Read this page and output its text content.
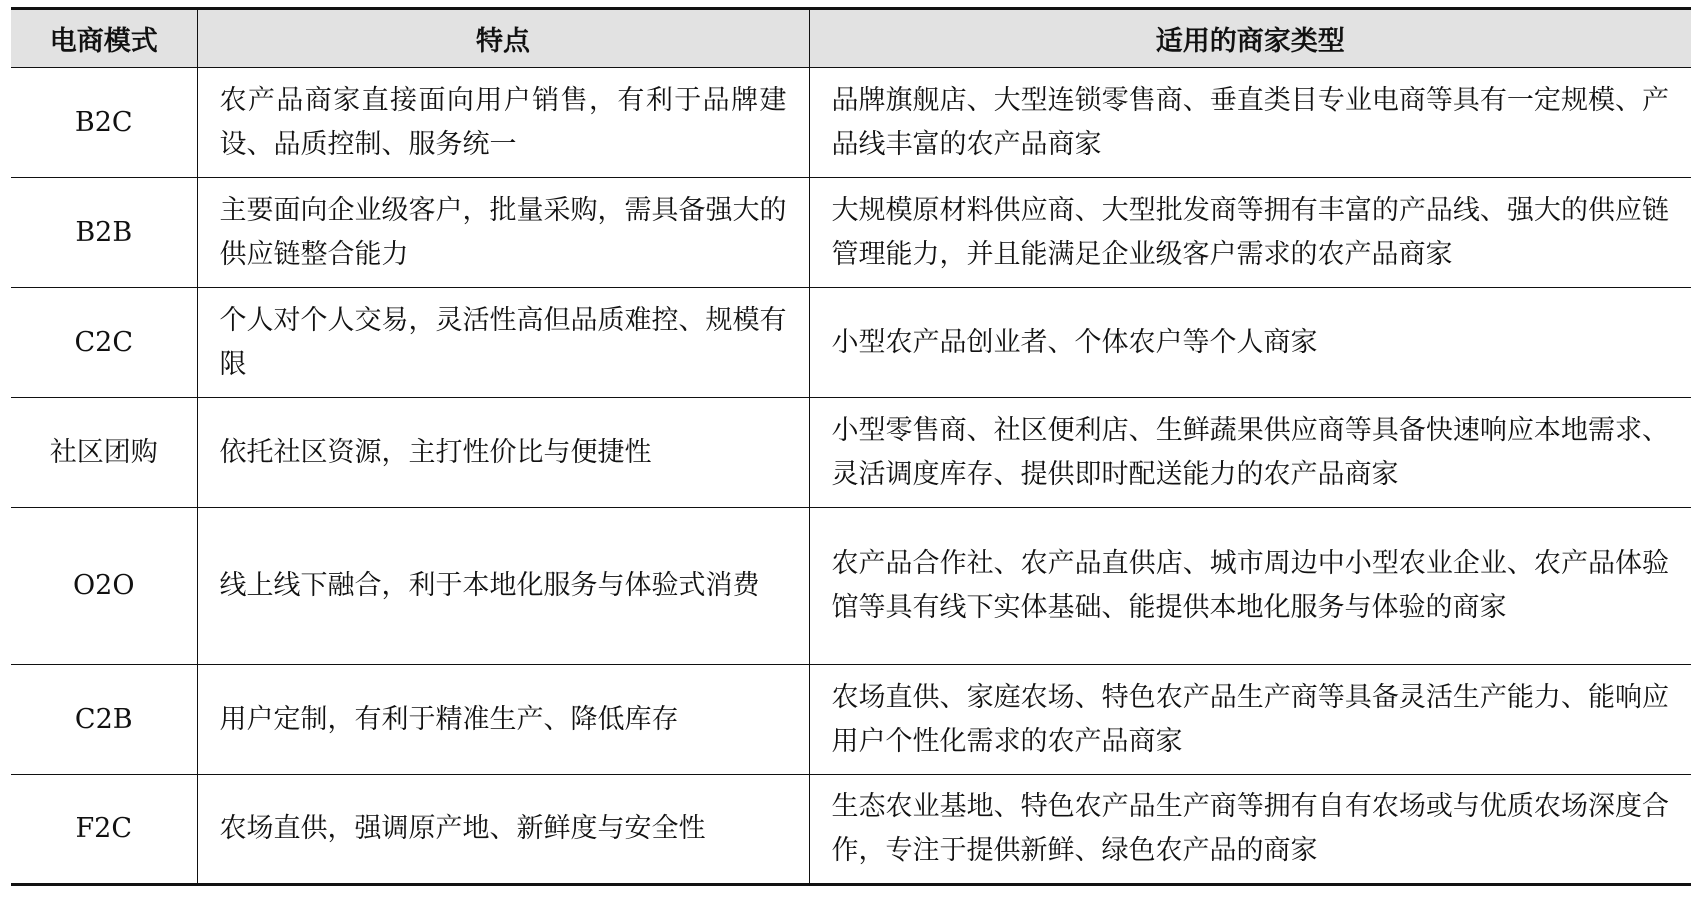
电商模式	特点	适用的商家类型
B2C	农产品商家直接面向用户销售，有利于品牌建设、品质控制、服务统一	品牌旗舰店、大型连锁零售商、垂直类目专业电商等具有一定规模、产品线丰富的农产品商家
B2B	主要面向企业级客户，批量采购，需具备强大的供应链整合能力	大规模原材料供应商、大型批发商等拥有丰富的产品线、强大的供应链管理能力，并且能满足企业级客户需求的农产品商家
C2C	个人对个人交易，灵活性高但品质难控、规模有限	小型农产品创业者、个体农户等个人商家
社区团购	依托社区资源，主打性价比与便捷性	小型零售商、社区便利店、生鲜蔬果供应商等具备快速响应本地需求、灵活调度库存、提供即时配送能力的农产品商家
O2O	线上线下融合，利于本地化服务与体验式消费	农产品合作社、农产品直供店、城市周边中小型农业企业、农产品体验馆等具有线下实体基础、能提供本地化服务与体验的商家
C2B	用户定制，有利于精准生产、降低库存	农场直供、家庭农场、特色农产品生产商等具备灵活生产能力、能响应用户个性化需求的农产品商家
F2C	农场直供，强调原产地、新鲜度与安全性	生态农业基地、特色农产品生产商等拥有自有农场或与优质农场深度合作，专注于提供新鲜、绿色农产品的商家
